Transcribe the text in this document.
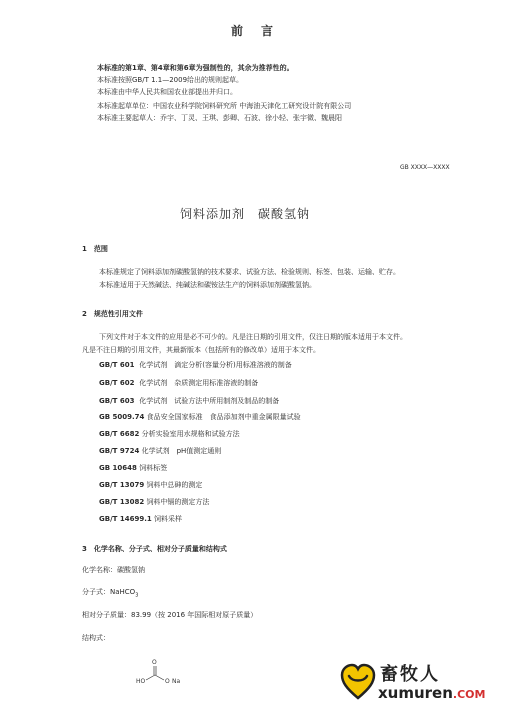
前　言
本标准的第1章、第4章和第6章为强制性的，其余为推荐性的。
本标准按照GB/T 1.1—2009给出的规则起草。
本标准由中华人民共和国农业部提出并归口。
本标准起草单位：中国农业科学院饲料研究所 中海油天津化工研究设计院有限公司
本标准主要起草人：乔宇、丁灵、王琪、彭卿、石波、徐小轻、张宇微、魏晨阳
GB XXXX—XXXX
饲料添加剂　碳酸氢钠
1　范围
本标准规定了饲料添加剂碳酸氢钠的技术要求、试验方法、检验规则、标签、包装、运输、贮存。
本标准适用于天然碱法、纯碱法和碳铵法生产的饲料添加剂碳酸氢钠。
2　规范性引用文件
下列文件对于本文件的应用是必不可少的。凡是注日期的引用文件，仅注日期的版本适用于本文件。
凡是不注日期的引用文件，其最新版本（包括所有的修改单）适用于本文件。
GB/T 601 化学试剂　滴定分析(容量分析)用标准溶液的制备
GB/T 602 化学试剂　杂质测定用标准溶液的制备
GB/T 603 化学试剂　试验方法中所用制剂及制品的制备
GB 5009.74 食品安全国家标准　食品添加剂中重金属限量试验
GB/T 6682 分析实验室用水规格和试验方法
GB/T 9724 化学试剂　pH值测定通则
GB 10648 饲料标签
GB/T 13079 饲料中总砷的测定
GB/T 13082 饲料中镉的测定方法
GB/T 14699.1 饲料采样
3　化学名称、分子式、相对分子质量和结构式
化学名称：碳酸氢钠
分子式：NaHCO$_3$
相对分子质量：83.99（按 2016 年国际相对原子质量）
结构式：
O
HO	O Na	畜牧人
xumuren.COM
